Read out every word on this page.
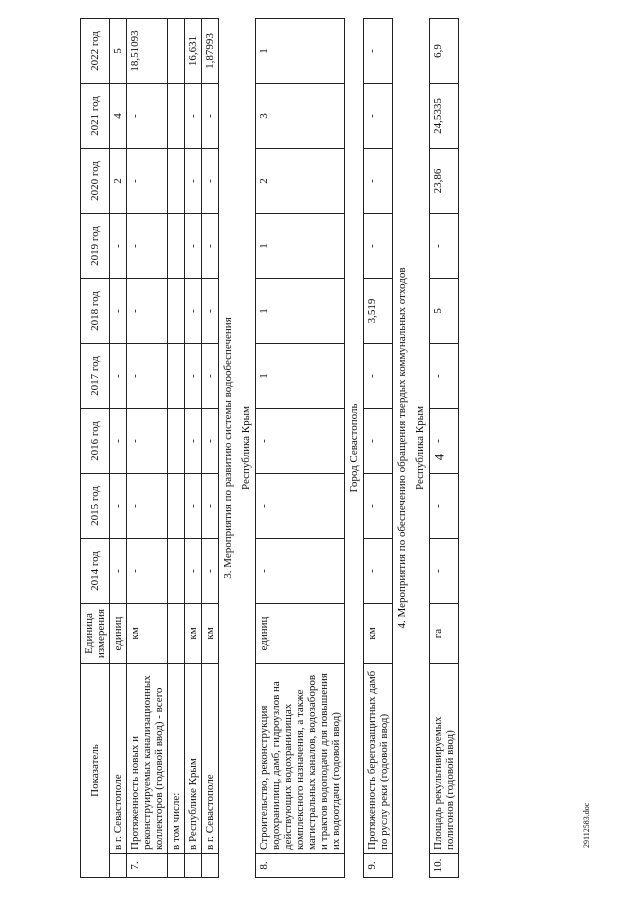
4
Показатель		Единица измерения	2014 год	2015 год	2016 год	2017 год	2018 год	2019 год	2020 год	2021 год	2022 год
	в г. Севастополе	единиц	-	-	-	-	-	-	2	4	5
7.	Протяженность новых и реконструируемых канализационных коллекторов (годовой ввод) - всего	км	-	-	-	-	-	-	-	-	18,51093
	в том числе:										
	в Республике Крым	км	-	-	-	-	-	-	-	-	16,631
	в г. Севастополе	км	-	-	-	-	-	-	-	-	1,87993
3. Мероприятия по развитию системы водообеспечения											
Республика Крым											
8.	Строительство, реконструкция водохранилищ, дамб, гидроузлов на действующих водохранилищах комплексного назначения, а также магистральных каналов, водозаборов и трактов водоподачи для повышения их водоотдачи (годовой ввод)	единиц	-	-	-	1	1	1	2	3	1
Город Севастополь											
9.	Протяженность берегозащитных дамб по руслу реки (годовой ввод)	км	-	-	-	-	3,519	-	-	-	-
4. Мероприятия по обеспечению обращения твердых коммунальных отходов											
Республика Крым											
10.	Площадь рекультивируемых полигонов (годовой ввод)	га	-	-	-	-	5	-	23,86	24,5335	6,9
2911258З.doc
